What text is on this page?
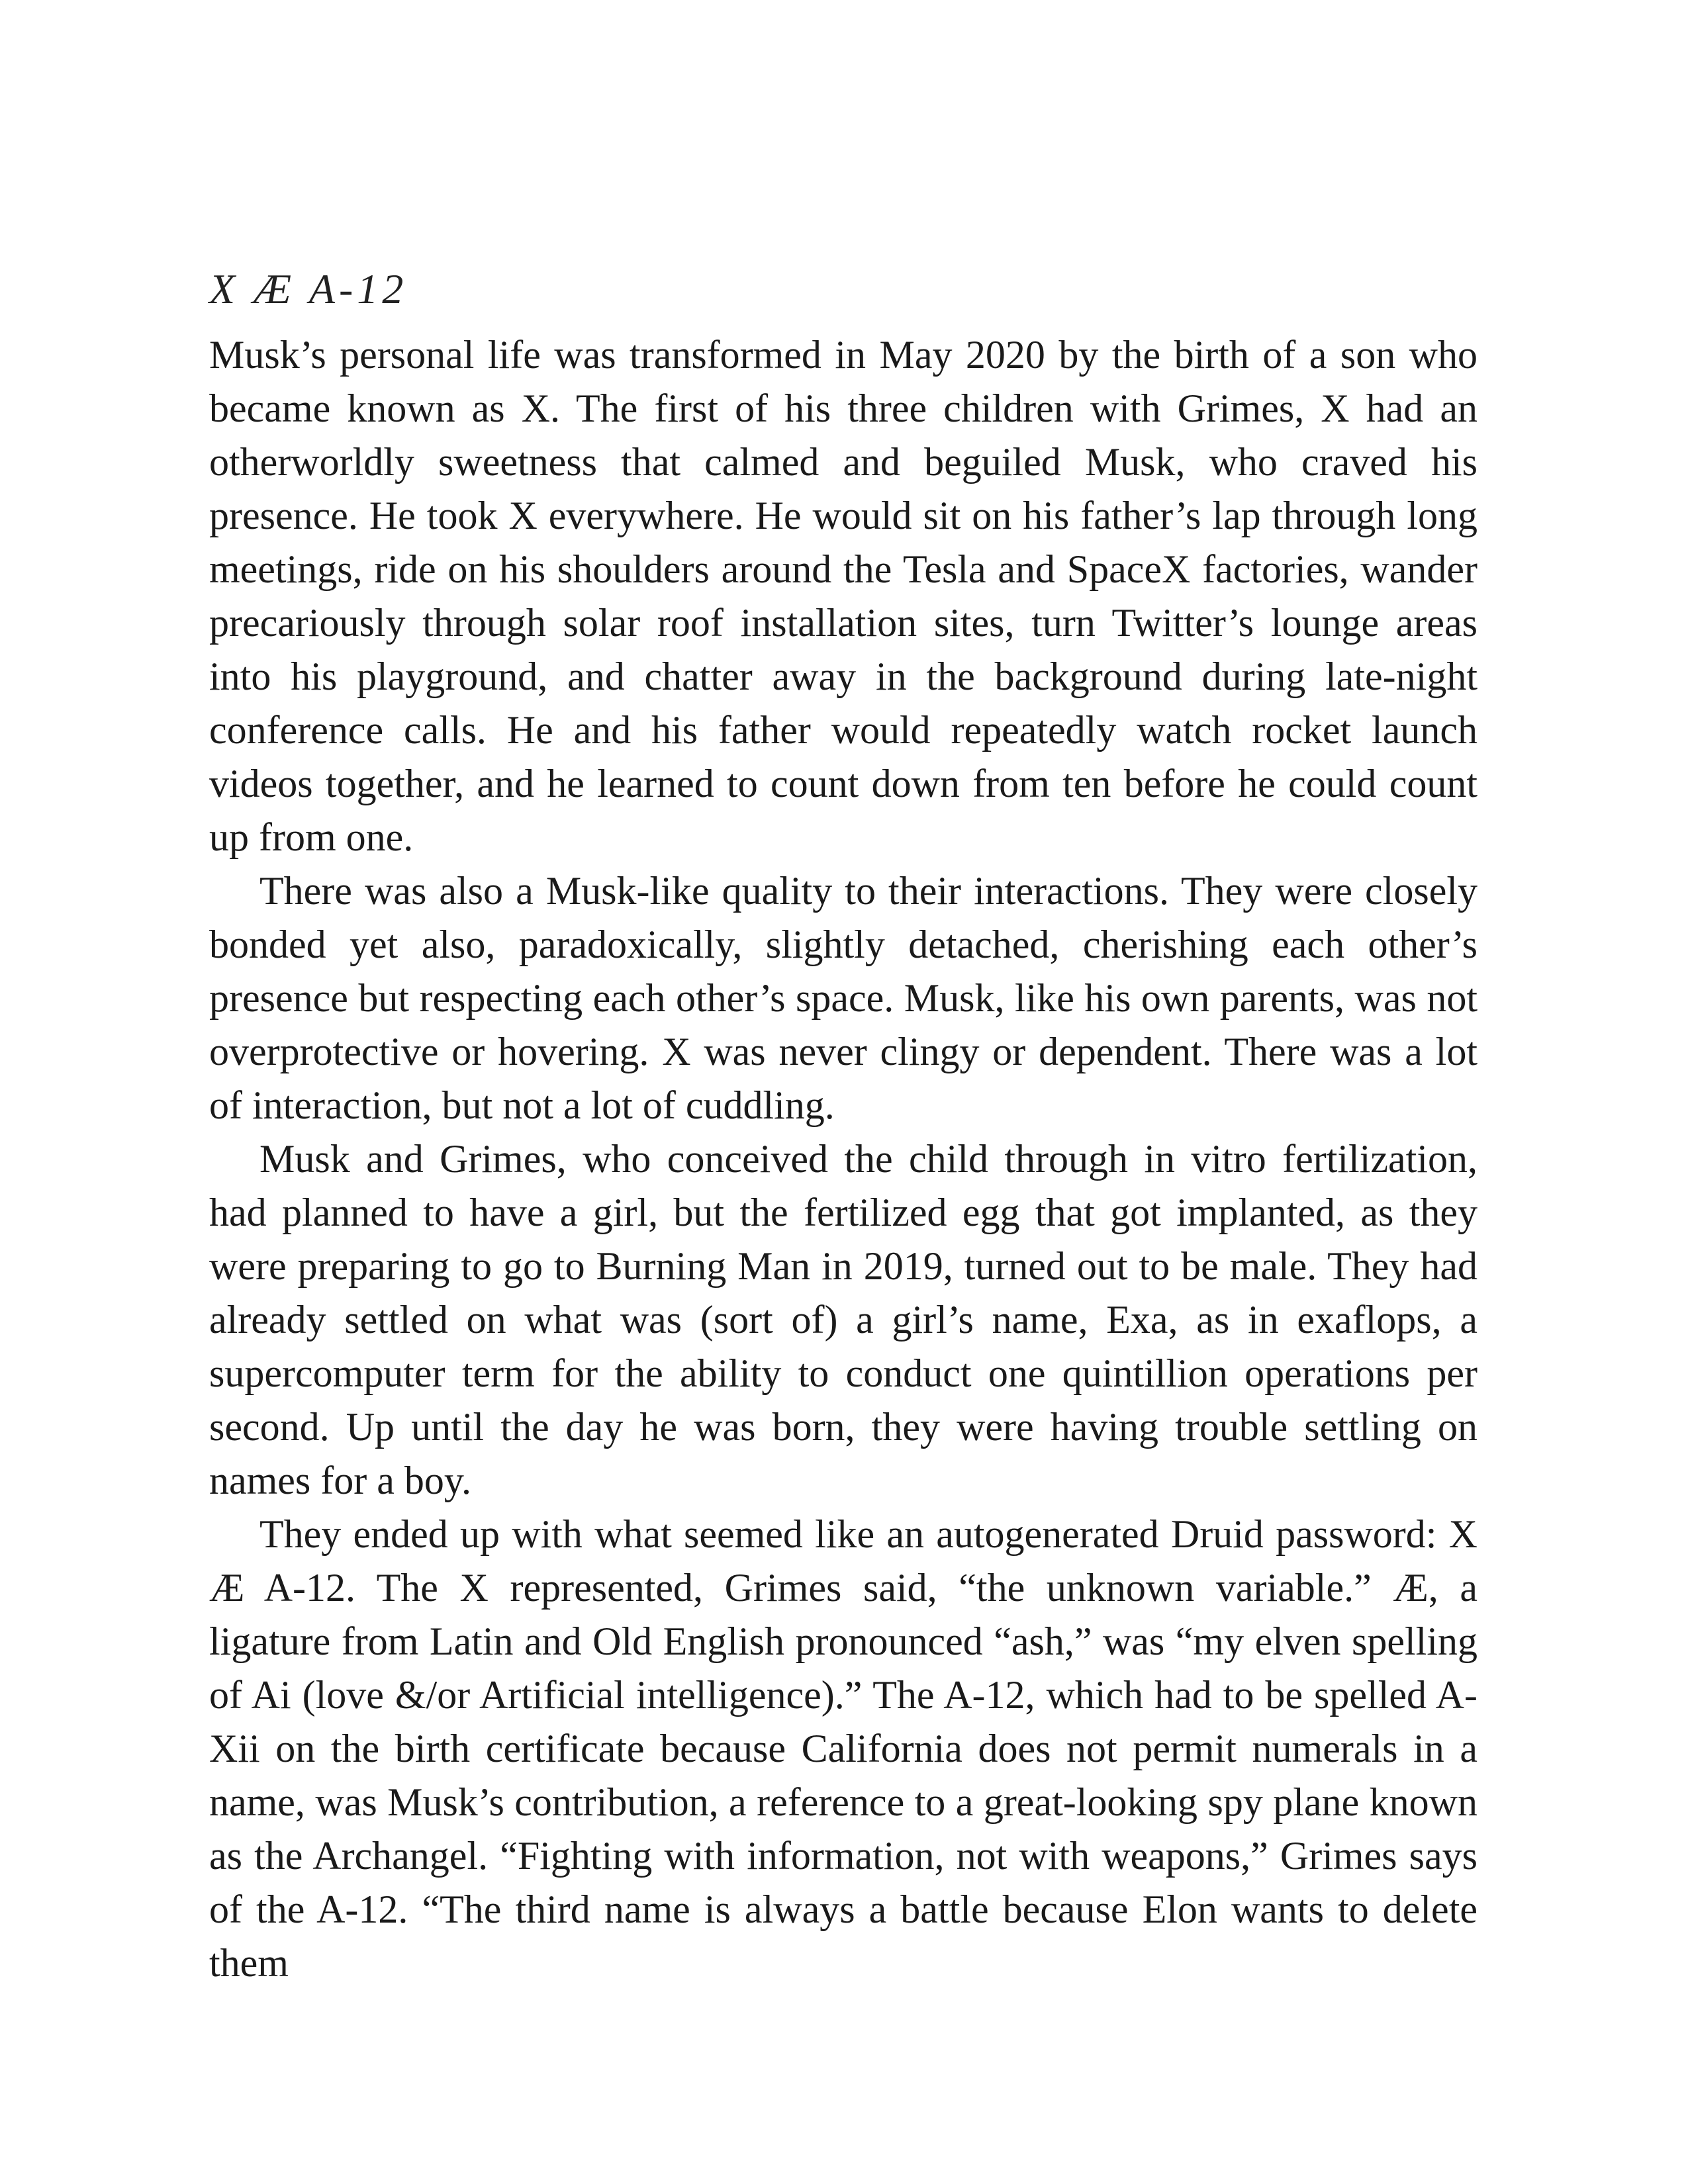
X Æ A-12

Musk’s personal life was transformed in May 2020 by the birth of a son who became known as X. The first of his three children with Grimes, X had an otherworldly sweetness that calmed and beguiled Musk, who craved his presence. He took X everywhere. He would sit on his father’s lap through long meetings, ride on his shoulders around the Tesla and SpaceX factories, wander precariously through solar roof installation sites, turn Twitter’s lounge areas into his playground, and chatter away in the background during late-night conference calls. He and his father would repeatedly watch rocket launch videos together, and he learned to count down from ten before he could count up from one.

There was also a Musk-like quality to their interactions. They were closely bonded yet also, paradoxically, slightly detached, cherishing each other’s presence but respecting each other’s space. Musk, like his own parents, was not overprotective or hovering. X was never clingy or dependent. There was a lot of interaction, but not a lot of cuddling.

Musk and Grimes, who conceived the child through in vitro fertilization, had planned to have a girl, but the fertilized egg that got implanted, as they were preparing to go to Burning Man in 2019, turned out to be male. They had already settled on what was (sort of) a girl’s name, Exa, as in exaflops, a supercomputer term for the ability to conduct one quintillion operations per second. Up until the day he was born, they were having trouble settling on names for a boy.

They ended up with what seemed like an autogenerated Druid password: X Æ A-12. The X represented, Grimes said, “the unknown variable.” Æ, a ligature from Latin and Old English pronounced “ash,” was “my elven spelling of Ai (love &/or Artificial intelligence).” The A-12, which had to be spelled A-Xii on the birth certificate because California does not permit numerals in a name, was Musk’s contribution, a reference to a great-looking spy plane known as the Archangel. “Fighting with information, not with weapons,” Grimes says of the A-12. “The third name is always a battle because Elon wants to delete them
